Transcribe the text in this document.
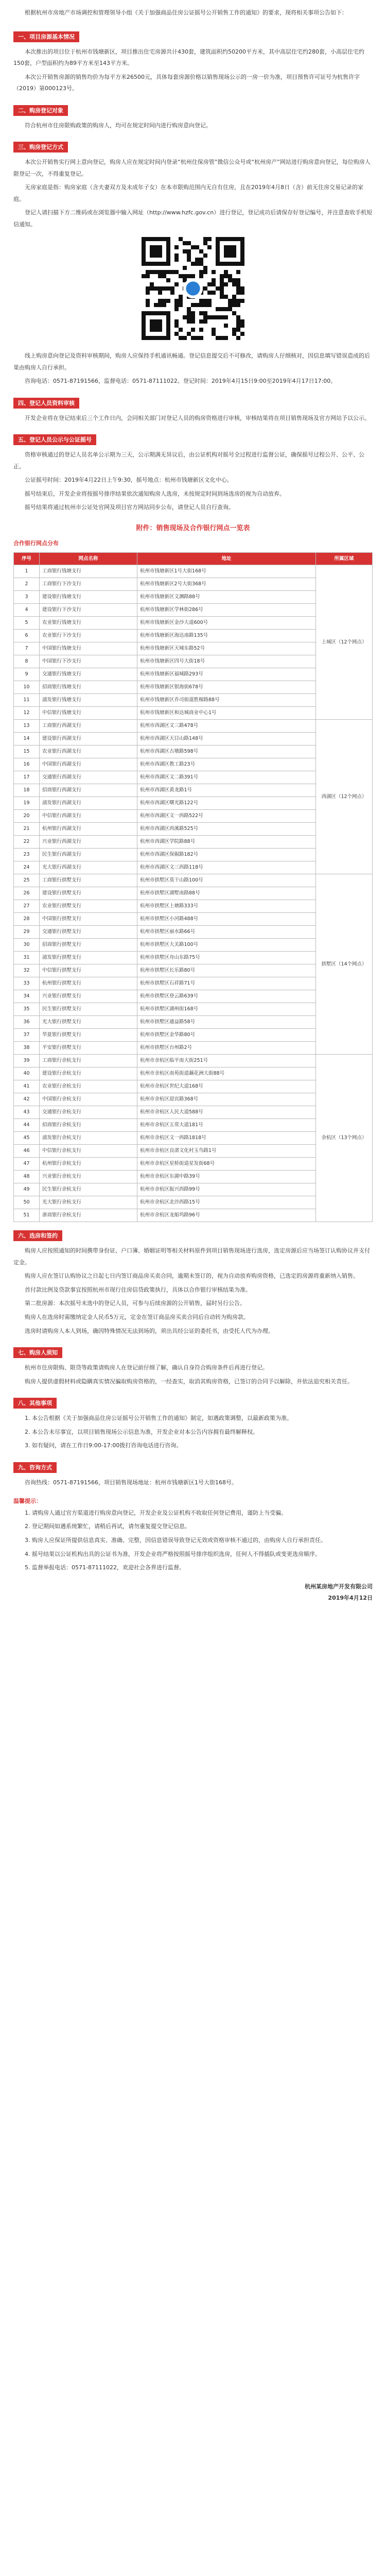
根据杭州市房地产市场调控和管理领导小组《关于加强商品住房公证摇号公开销售工作的通知》的要求，现将相关事项公告如下：

一、项目房源基本情况

本次推出的项目位于杭州市钱塘新区，项目推出住宅房源共计430套，建筑面积约50200平方米，其中高层住宅约280套，小高层住宅约150套，户型面积约为89平方米至143平方米。

本次公开销售房源的销售均价为每平方米26500元，具体每套房源价格以销售现场公示的一房一价为准，项目预售许可证号为杭售许字（2019）第000123号。

二、购房登记对象

符合杭州市住房限购政策的购房人，均可在规定时间内进行购房意向登记。

三、购房登记方式

本次公开销售实行网上意向登记，购房人应在规定时间内登录“杭州住保房管”微信公众号或“杭州房产”网站进行购房意向登记，每位购房人限登记一次，不得重复登记。

无房家庭是指：购房家庭（含夫妻双方及未成年子女）在本市限购范围内无自有住房，且在2019年4月8日（含）前无住房交易记录的家庭。

登记人请扫描下方二维码或在浏览器中输入网址（http://www.hzfc.gov.cn）进行登记，登记成功后请保存好登记编号，并注意查收手机短信通知。

线上购房意向登记及资料审核期间，购房人应保持手机通讯畅通。登记信息提交后不可修改，请购房人仔细核对，因信息填写错误造成的后果由购房人自行承担。

咨询电话：0571-87191566，监督电话：0571-87111022。登记时间：2019年4月15日9:00至2019年4月17日17:00。

四、登记人员资料审核

开发企业将在登记结束后三个工作日内，会同相关部门对登记人员的购房资格进行审核，审核结果将在项目销售现场及官方网站予以公示。

五、登记人员公示与公证摇号

资格审核通过的登记人员名单公示期为三天，公示期满无异议后，由公证机构对摇号全过程进行监督公证，确保摇号过程公开、公平、公正。

公证摇号时间：2019年4月22日上午9:30，摇号地点：杭州市钱塘新区文化中心。

摇号结束后，开发企业将按摇号排序结果依次通知购房人选房，未按规定时间到场选房的视为自动放弃。

摇号结果将通过杭州市公证处官网及项目官方网站同步公布，请登记人员自行查询。

附件：销售现场及合作银行网点一览表
合作银行网点分布
序号	网点名称	地址	所属区域
1	工商银行钱塘支行	杭州市钱塘新区1号大街168号	上城区（12个网点）
2	工商银行下沙支行	杭州市钱塘新区2号大街368号	
3	建设银行钱塘支行	杭州市钱塘新区文渊路88号	
4	建设银行下沙支行	杭州市钱塘新区学林街286号	
5	农业银行钱塘支行	杭州市钱塘新区金沙大道600号	
6	农业银行下沙支行	杭州市钱塘新区海达南路135号	
7	中国银行钱塘支行	杭州市钱塘新区天城东路52号	
8	中国银行下沙支行	杭州市钱塘新区四号大街18号	
9	交通银行钱塘支行	杭州市钱塘新区福城路293号	
10	招商银行钱塘支行	杭州市钱塘新区银海街678号	
11	浦发银行钱塘支行	杭州市钱塘新区乔司街道胜稼路88号	
12	中信银行钱塘支行	杭州市钱塘新区和达城商业中心1号	
13	工商银行西湖支行	杭州市西湖区文三路478号	西湖区（12个网点）
14	建设银行西湖支行	杭州市西湖区天目山路148号	
15	农业银行西湖支行	杭州市西湖区古墩路598号	
16	中国银行西湖支行	杭州市西湖区教工路23号	
17	交通银行西湖支行	杭州市西湖区文二路391号	
18	招商银行西湖支行	杭州市西湖区黄龙路1号	
19	浦发银行西湖支行	杭州市西湖区曙光路122号	
20	中信银行西湖支行	杭州市西湖区文一西路522号	
21	杭州银行西湖支行	杭州市西湖区西溪路525号	
22	兴业银行西湖支行	杭州市西湖区学院路88号	
23	民生银行西湖支行	杭州市西湖区保俶路182号	
24	光大银行西湖支行	杭州市西湖区文三西路118号	
25	工商银行拱墅支行	杭州市拱墅区莫干山路100号	拱墅区（14个网点）
26	建设银行拱墅支行	杭州市拱墅区湖墅南路88号	
27	农业银行拱墅支行	杭州市拱墅区上塘路333号	
28	中国银行拱墅支行	杭州市拱墅区小河路488号	
29	交通银行拱墅支行	杭州市拱墅区丽水路66号	
30	招商银行拱墅支行	杭州市拱墅区大关路100号	
31	浦发银行拱墅支行	杭州市拱墅区舟山东路75号	
32	中信银行拱墅支行	杭州市拱墅区长乐路80号	
33	杭州银行拱墅支行	杭州市拱墅区石祥路71号	
34	兴业银行拱墅支行	杭州市拱墅区登云路639号	
35	民生银行拱墅支行	杭州市拱墅区湖州街168号	
36	光大银行拱墅支行	杭州市拱墅区通益路58号	
37	华夏银行拱墅支行	杭州市拱墅区金华路80号	
38	平安银行拱墅支行	杭州市拱墅区台州路2号	
39	工商银行余杭支行	杭州市余杭区临平南大街251号	余杭区（13个网点）
40	建设银行余杭支行	杭州市余杭区南苑街道藕花洲大街88号	
41	农业银行余杭支行	杭州市余杭区世纪大道168号	
42	中国银行余杭支行	杭州市余杭区迎宾路368号	
43	交通银行余杭支行	杭州市余杭区人民大道588号	
44	招商银行余杭支行	杭州市余杭区五常大道181号	
45	浦发银行余杭支行	杭州市余杭区文一西路1818号	
46	中信银行余杭支行	杭州市余杭区良渚文化村玉鸟路1号	
47	杭州银行余杭支行	杭州市余杭区星桥街道星发街68号	
48	兴业银行余杭支行	杭州市余杭区东湖中路39号	
49	民生银行余杭支行	杭州市余杭区振兴西路99号	
50	光大银行余杭支行	杭州市余杭区北沙西路15号	
51	浙商银行余杭支行	杭州市余杭区龙船坞路96号	
六、选房和签约

购房人应按照通知的时间携带身份证、户口簿、婚姻证明等相关材料原件到项目销售现场进行选房，选定房源后应当场签订认购协议并支付定金。

购房人应在签订认购协议之日起七日内签订商品房买卖合同，逾期未签订的，视为自动放弃购房资格，已选定的房源将重新纳入销售。

首付款比例及贷款事宜按照杭州市现行住房信贷政策执行，具体以合作银行审核结果为准。

第二批房源：本次摇号未选中的登记人员，可参与后续房源的公开销售，届时另行公告。

购房人在选房时需缴纳定金人民币5万元，定金在签订商品房买卖合同后自动转为购房款。

选房时请购房人本人到场，确因特殊情况无法到场的，须出具经公证的委托书，由受托人代为办理。

七、购房人须知

杭州市住房限购、限贷等政策请购房人在登记前仔细了解，确认自身符合购房条件后再进行登记。

购房人提供虚假材料或隐瞒真实情况骗取购房资格的，一经查实，取消其购房资格，已签订的合同予以解除，并依法追究相关责任。

八、其他事项

1. 本公告根据《关于加强商品住房公证摇号公开销售工作的通知》制定，如遇政策调整，以最新政策为准。

2. 本公告未尽事宜，以项目销售现场公示信息为准，开发企业对本公告内容拥有最终解释权。

3. 如有疑问，请在工作日9:00-17:00拨打咨询电话进行咨询。

九、咨询方式

咨询热线：0571-87191566，项目销售现场地址：杭州市钱塘新区1号大街168号。

温馨提示：

1. 请购房人通过官方渠道进行购房意向登记，开发企业及公证机构不收取任何登记费用，谨防上当受骗。

2. 登记期间如遇系统繁忙，请稍后再试，请勿重复提交登记信息。

3. 购房人应保证所提供信息真实、准确、完整，因信息错误导致登记无效或资格审核不通过的，由购房人自行承担责任。

4. 摇号结果以公证机构出具的公证书为准，开发企业将严格按照摇号排序组织选房，任何人不得插队或变更选房顺序。

5. 监督举报电话：0571-87111022，欢迎社会各界进行监督。

杭州某房地产开发有限公司
2019年4月12日
